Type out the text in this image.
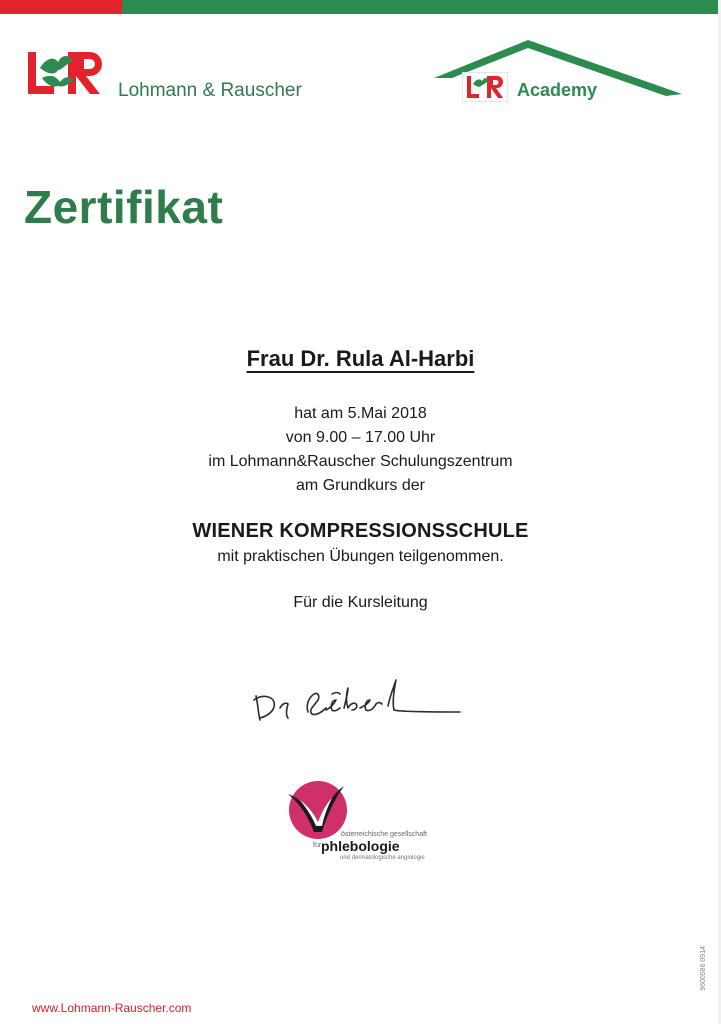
Lohmann & Rauscher	Academy
Zertifikat
Frau Dr. Rula Al-Harbi
hat am 5.Mai 2018
von 9.00 – 17.00 Uhr
im Lohmann&Rauscher Schulungszentrum
am Grundkurs der
WIENER KOMPRESSIONSSCHULE
mit praktischen Übungen teilgenommen.
Für die Kursleitung
österreichische gesellschaft
für phlebologie
und dermatologische angiologie
www.Lohmann-Rauscher.com
9600586 0914
